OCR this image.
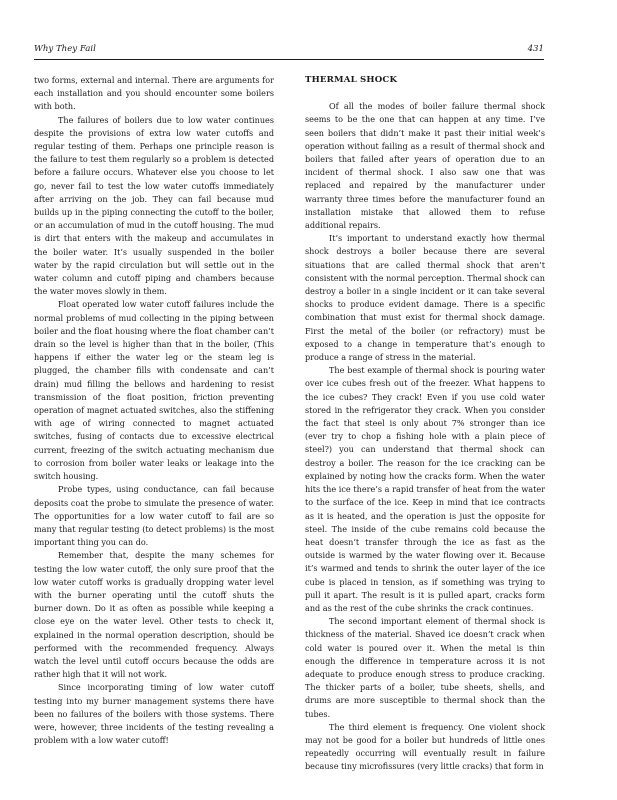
Why They Fail	431

two forms, external and internal. There are arguments for each installation and you should encounter some boilers with both.

The failures of boilers due to low water continues despite the provisions of extra low water cutoffs and regular testing of them. Perhaps one principle reason is the failure to test them regularly so a problem is detected before a failure occurs. Whatever else you choose to let go, never fail to test the low water cutoffs immediately after arriving on the job. They can fail because mud builds up in the piping connecting the cutoff to the boiler, or an accumulation of mud in the cutoff housing. The mud is dirt that enters with the makeup and accumulates in the boiler water. It’s usually suspended in the boiler water by the rapid circulation but will settle out in the water column and cutoff piping and chambers because the water moves slowly in them.

Float operated low water cutoff failures include the normal problems of mud collecting in the piping between boiler and the float housing where the float chamber can’t drain so the level is higher than that in the boiler, (This happens if either the water leg or the steam leg is plugged, the chamber fills with condensate and can’t drain) mud filling the bellows and hardening to resist transmission of the float position, friction preventing operation of magnet actuated switches, also the stiffening with age of wiring connected to magnet actuated switches, fusing of contacts due to excessive electrical current, freezing of the switch actuating mechanism due to corrosion from boiler water leaks or leakage into the switch housing.

Probe types, using conductance, can fail because deposits coat the probe to simulate the presence of water. The opportunities for a low water cutoff to fail are so many that regular testing (to detect problems) is the most important thing you can do.

Remember that, despite the many schemes for testing the low water cutoff, the only sure proof that the low water cutoff works is gradually dropping water level with the burner operating until the cutoff shuts the burner down. Do it as often as possible while keeping a close eye on the water level. Other tests to check it, explained in the normal operation description, should be performed with the recommended frequency. Always watch the level until cutoff occurs because the odds are rather high that it will not work.

Since incorporating timing of low water cutoff testing into my burner management systems there have been no failures of the boilers with those systems. There were, however, three incidents of the testing revealing a problem with a low water cutoff!

THERMAL SHOCK

Of all the modes of boiler failure thermal shock seems to be the one that can happen at any time. I’ve seen boilers that didn’t make it past their initial week’s operation without failing as a result of thermal shock and boilers that failed after years of operation due to an incident of thermal shock. I also saw one that was replaced and repaired by the manufacturer under warranty three times before the manufacturer found an installation mistake that allowed them to refuse additional repairs.

It’s important to understand exactly how thermal shock destroys a boiler because there are several situations that are called thermal shock that aren’t consistent with the normal perception. Thermal shock can destroy a boiler in a single incident or it can take several shocks to produce evident damage. There is a specific combination that must exist for thermal shock damage. First the metal of the boiler (or refractory) must be exposed to a change in temperature that’s enough to produce a range of stress in the material.

The best example of thermal shock is pouring water over ice cubes fresh out of the freezer. What happens to the ice cubes? They crack! Even if you use cold water stored in the refrigerator they crack. When you consider the fact that steel is only about 7% stronger than ice (ever try to chop a fishing hole with a plain piece of steel?) you can understand that thermal shock can destroy a boiler. The reason for the ice cracking can be explained by noting how the cracks form. When the water hits the ice there’s a rapid transfer of heat from the water to the surface of the ice. Keep in mind that ice contracts as it is heated, and the operation is just the opposite for steel. The inside of the cube remains cold because the heat doesn’t transfer through the ice as fast as the outside is warmed by the water flowing over it. Because it’s warmed and tends to shrink the outer layer of the ice cube is placed in tension, as if something was trying to pull it apart. The result is it is pulled apart, cracks form and as the rest of the cube shrinks the crack continues.

The second important element of thermal shock is thickness of the material. Shaved ice doesn’t crack when cold water is poured over it. When the metal is thin enough the difference in temperature across it is not adequate to produce enough stress to produce cracking. The thicker parts of a boiler, tube sheets, shells, and drums are more susceptible to thermal shock than the tubes.

The third element is frequency. One violent shock may not be good for a boiler but hundreds of little ones repeatedly occurring will eventually result in failure because tiny microfissures (very little cracks) that form in
